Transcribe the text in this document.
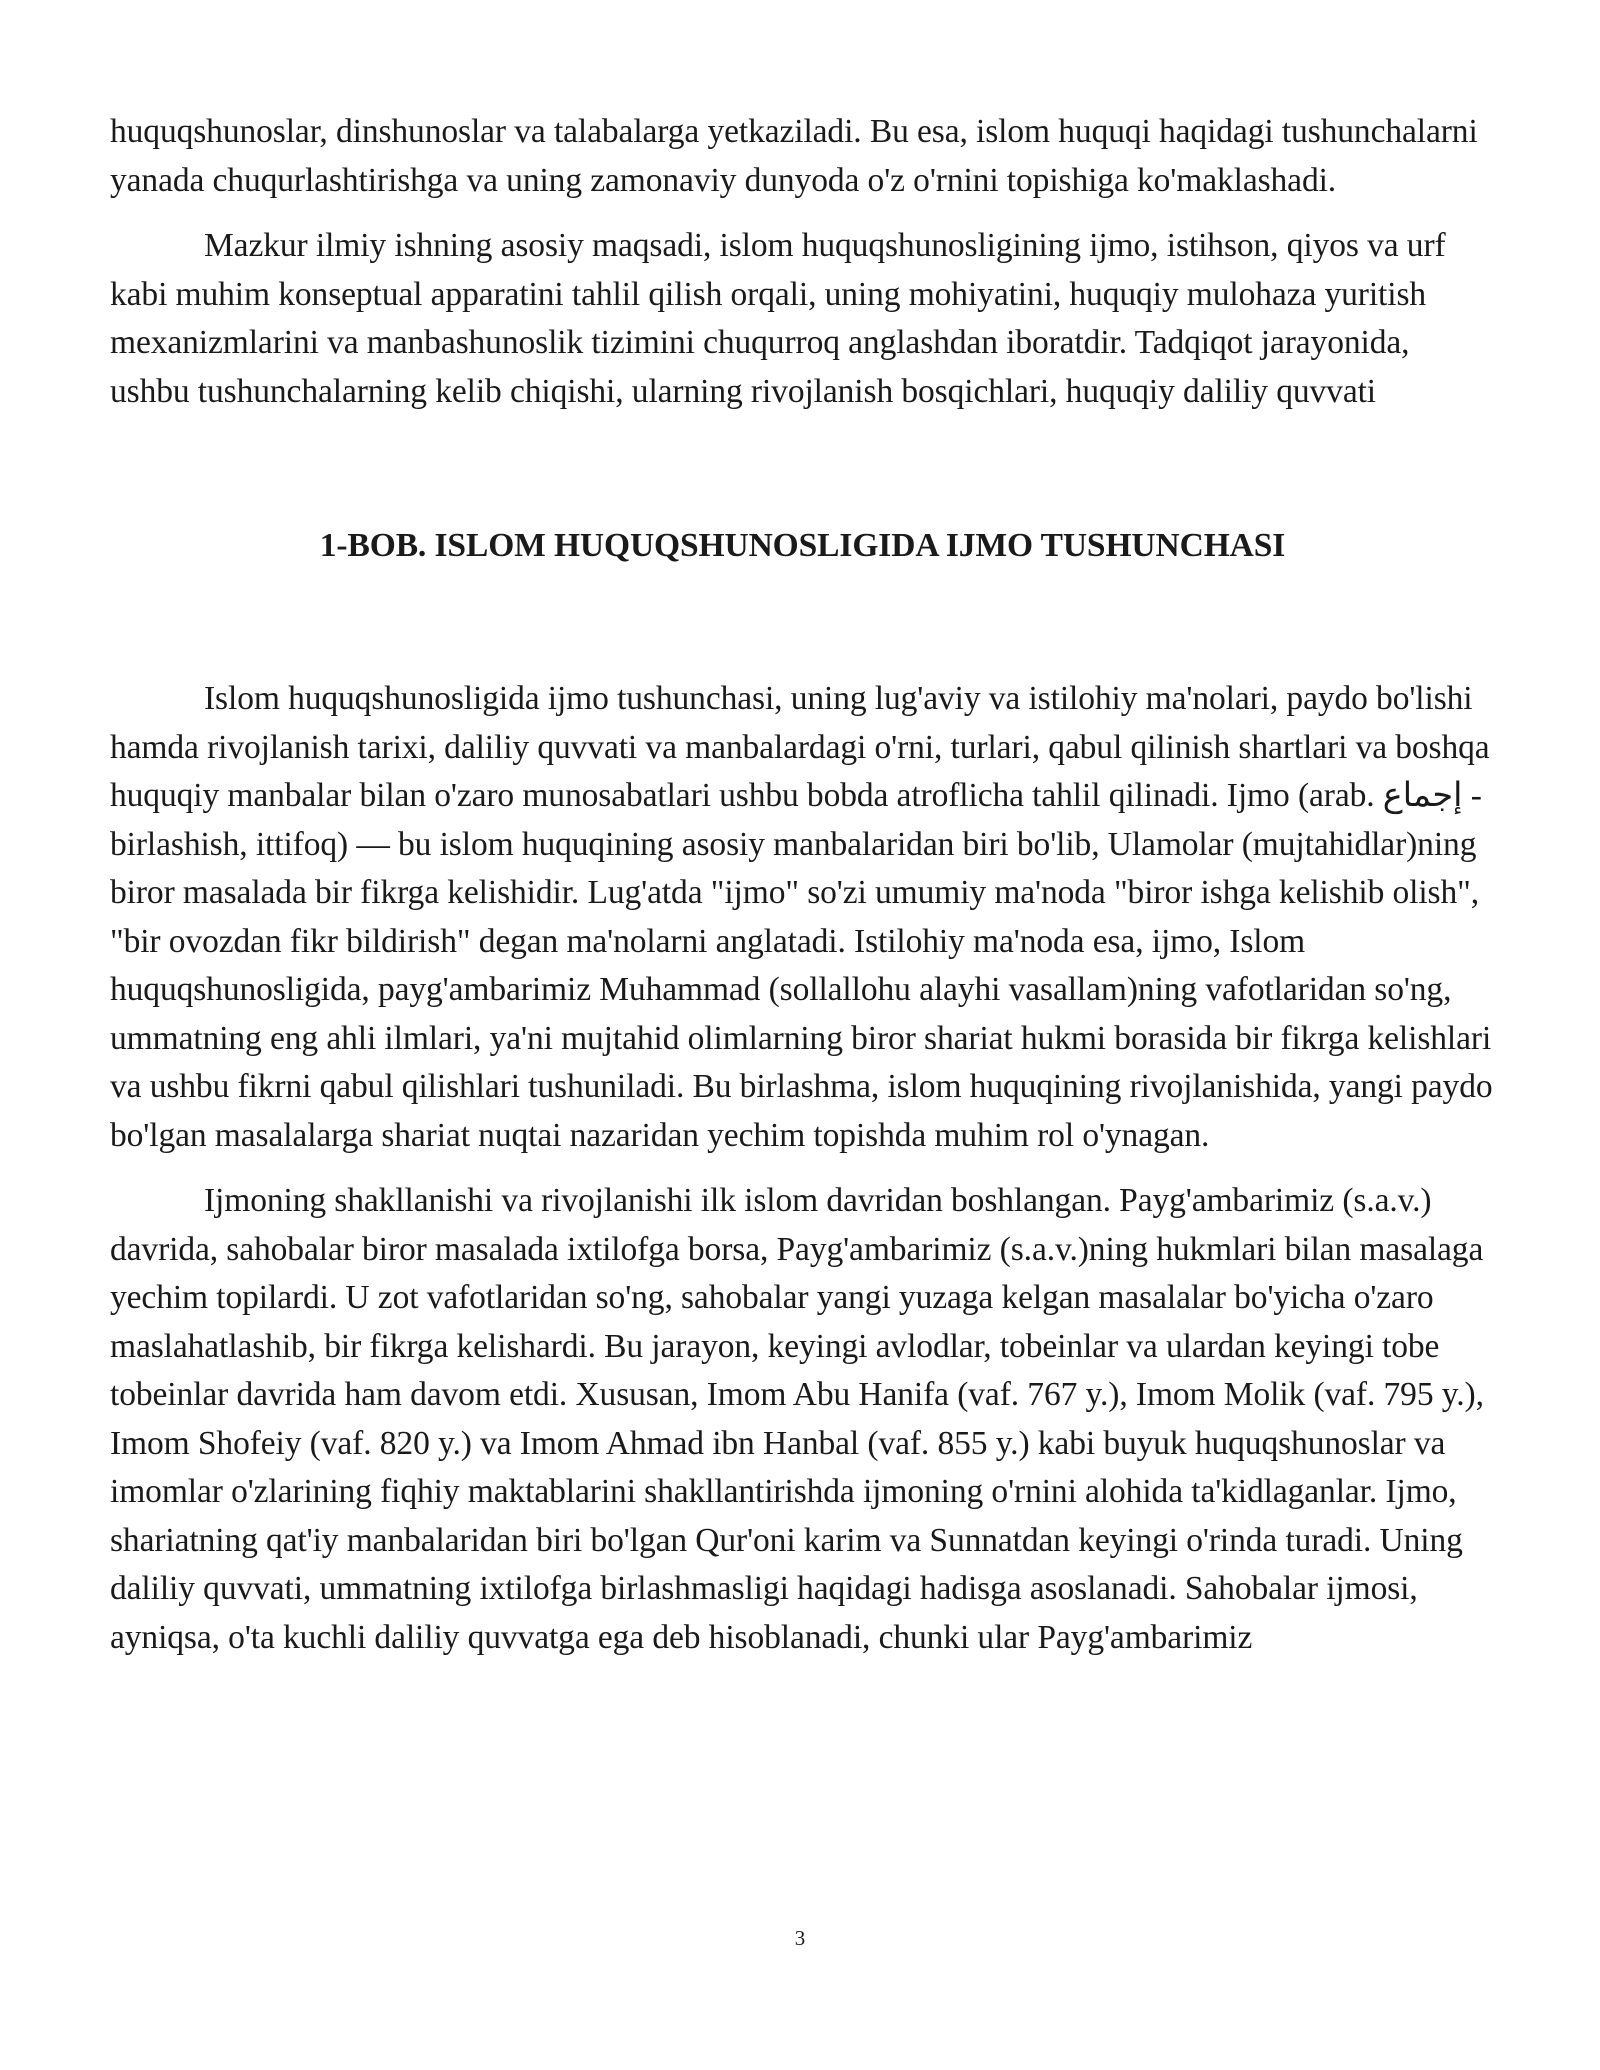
huquqshunoslar, dinshunoslar va talabalarga yetkaziladi. Bu esa, islom huquqi haqidagi tushunchalarni yanada chuqurlashtirishga va uning zamonaviy dunyoda o'z o'rnini topishiga ko'maklashadi.

Mazkur ilmiy ishning asosiy maqsadi, islom huquqshunosligining ijmo, istihson, qiyos va urf kabi muhim konseptual apparatini tahlil qilish orqali, uning mohiyatini, huquqiy mulohaza yuritish mexanizmlarini va manbashunoslik tizimini chuqurroq anglashdan iboratdir. Tadqiqot jarayonida, ushbu tushunchalarning kelib chiqishi, ularning rivojlanish bosqichlari, huquqiy daliliy quvvati

1-BOB. ISLOM HUQUQSHUNOSLIGIDA IJMO TUSHUNCHASI

Islom huquqshunosligida ijmo tushunchasi, uning lug'aviy va istilohiy ma'nolari, paydo bo'lishi hamda rivojlanish tarixi, daliliy quvvati va manbalardagi o'rni, turlari, qabul qilinish shartlari va boshqa huquqiy manbalar bilan o'zaro munosabatlari ushbu bobda atroflicha tahlil qilinadi. Ijmo (arab. إجماع - birlashish, ittifoq) — bu islom huquqining asosiy manbalaridan biri bo'lib, Ulamolar (mujtahidlar)ning biror masalada bir fikrga kelishidir. Lug'atda "ijmo" so'zi umumiy ma'noda "biror ishga kelishib olish", "bir ovozdan fikr bildirish" degan ma'nolarni anglatadi. Istilohiy ma'noda esa, ijmo, Islom huquqshunosligida, payg'ambarimiz Muhammad (sollallohu alayhi vasallam)ning vafotlaridan so'ng, ummatning eng ahli ilmlari, ya'ni mujtahid olimlarning biror shariat hukmi borasida bir fikrga kelishlari va ushbu fikrni qabul qilishlari tushuniladi. Bu birlashma, islom huquqining rivojlanishida, yangi paydo bo'lgan masalalarga shariat nuqtai nazaridan yechim topishda muhim rol o'ynagan.

Ijmoning shakllanishi va rivojlanishi ilk islom davridan boshlangan. Payg'ambarimiz (s.a.v.) davrida, sahobalar biror masalada ixtilofga borsa, Payg'ambarimiz (s.a.v.)ning hukmlari bilan masalaga yechim topilardi. U zot vafotlaridan so'ng, sahobalar yangi yuzaga kelgan masalalar bo'yicha o'zaro maslahatlashib, bir fikrga kelishardi. Bu jarayon, keyingi avlodlar, tobeinlar va ulardan keyingi tobe tobeinlar davrida ham davom etdi. Xususan, Imom Abu Hanifa (vaf. 767 y.), Imom Molik (vaf. 795 y.), Imom Shofeiy (vaf. 820 y.) va Imom Ahmad ibn Hanbal (vaf. 855 y.) kabi buyuk huquqshunoslar va imomlar o'zlarining fiqhiy maktablarini shakllantirishda ijmoning o'rnini alohida ta'kidlaganlar. Ijmo, shariatning qat'iy manbalaridan biri bo'lgan Qur'oni karim va Sunnatdan keyingi o'rinda turadi. Uning daliliy quvvati, ummatning ixtilofga birlashmasligi haqidagi hadisga asoslanadi. Sahobalar ijmosi, ayniqsa, o'ta kuchli daliliy quvvatga ega deb hisoblanadi, chunki ular Payg'ambarimiz

3
